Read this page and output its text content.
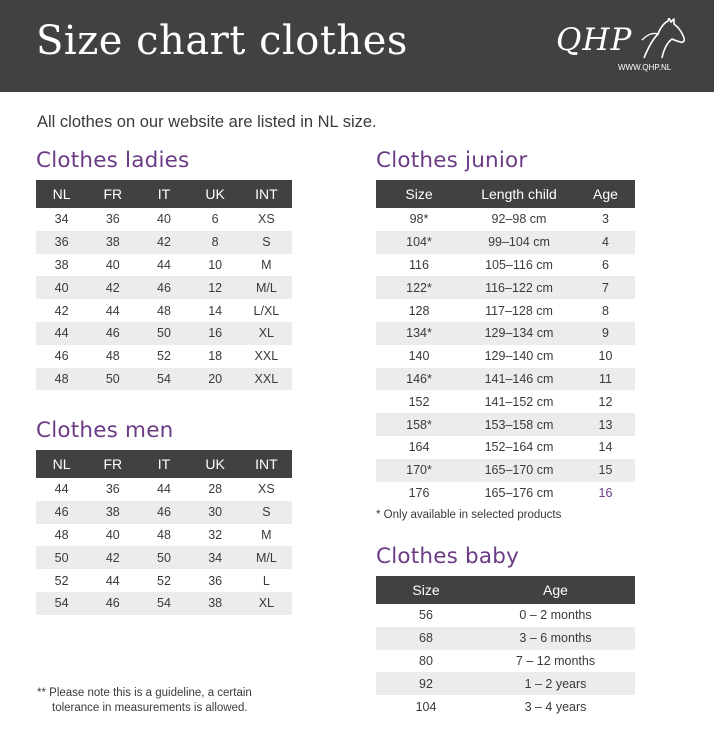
Size chart clothes	QHP
WWW.QHP.NL
All clothes on our website are listed in NL size.
Clothes ladies
NL	FR	IT	UK	INT
34	36	40	6	XS
36	38	42	8	S
38	40	44	10	M
40	42	46	12	M/L
42	44	48	14	L/XL
44	46	50	16	XL
46	48	52	18	XXL
48	50	54	20	XXL
Clothes men
NL	FR	IT	UK	INT
44	36	44	28	XS
46	38	46	30	S
48	40	48	32	M
50	42	50	34	M/L
52	44	52	36	L
54	46	54	38	XL
Clothes junior
Size	Length child	Age
98*	92–98 cm	3
104*	99–104 cm	4
116	105–116 cm	6
122*	116–122 cm	7
128	117–128 cm	8
134*	129–134 cm	9
140	129–140 cm	10
146*	141–146 cm	11
152	141–152 cm	12
158*	153–158 cm	13
164	152–164 cm	14
170*	165–170 cm	15
176	165–176 cm	16
* Only available in selected products
Clothes baby
Size	Age
56	0 – 2 months
68	3 – 6 months
80	7 – 12 months
92	1 – 2 years
104	3 – 4 years
** Please note this is a guideline, a certain
tolerance in measurements is allowed.
